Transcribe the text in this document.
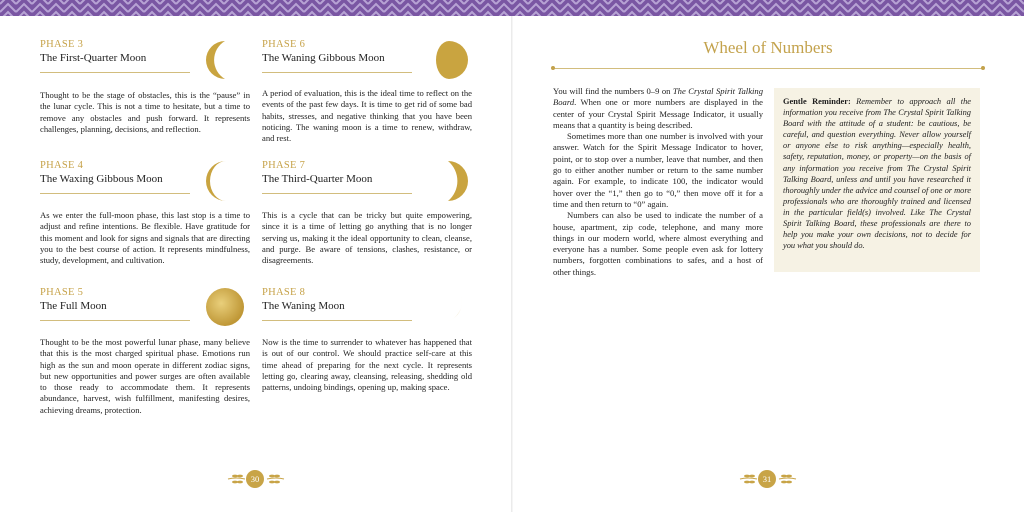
PHASE 3
The First-Quarter Moon
Thought to be the stage of obstacles, this is the “pause” in the lunar cycle. This is not a time to hesitate, but a time to remove any obstacles and push forward. It represents challenges, planning, decisions, and reflection.
PHASE 6
The Waning Gibbous Moon
A period of evaluation, this is the ideal time to reflect on the events of the past few days. It is time to get rid of some bad habits, stresses, and negative thinking that you have been noticing. The waning moon is a time to renew, withdraw, and rest.
PHASE 4
The Waxing Gibbous Moon
As we enter the full-moon phase, this last stop is a time to adjust and refine intentions. Be flexible. Have gratitude for this moment and look for signs and signals that are directing you to the best course of action. It represents mindfulness, study, development, and cultivation.
PHASE 7
The Third-Quarter Moon
This is a cycle that can be tricky but quite empowering, since it is a time of letting go anything that is no longer serving us, making it the ideal opportunity to clean, cleanse, and purge. Be aware of tensions, clashes, resistance, or disagreements.
PHASE 5
The Full Moon
Thought to be the most powerful lunar phase, many believe that this is the most charged spiritual phase. Emotions run high as the sun and moon operate in different zodiac signs, but new opportunities and power surges are often available to those ready to accommodate them. It represents abundance, harvest, wish fulfillment, manifesting desires, achieving dreams, protection.
PHASE 8
The Waning Moon
Now is the time to surrender to whatever has happened that is out of our control. We should practice self-care at this time ahead of preparing for the next cycle. It represents letting go, clearing away, cleansing, releasing, shedding old patterns, undoing bindings, opening up, making space.
30
Wheel of Numbers

You will find the numbers 0–9 on The Crystal Spirit Talking Board. When one or more numbers are displayed in the center of your Crystal Spirit Message Indicator, it usually means that a quantity is being described.

Sometimes more than one number is involved with your answer. Watch for the Spirit Message Indicator to hover, point, or to stop over a number, leave that number, and then go to either another number or return to the same number again. For example, to indicate 100, the indicator would hover over the “1,” then go to “0,” then move off it for a time and then return to “0” again.

Numbers can also be used to indicate the number of a house, apartment, zip code, telephone, and many more things in our modern world, where almost everything and everyone has a number. Some people even ask for lottery numbers, forgotten combinations to safes, and a host of other things.

Gentle Reminder: Remember to approach all the information you receive from The Crystal Spirit Talking Board with the attitude of a student: be cautious, be careful, and question everything. Never allow yourself or anyone else to risk anything—especially health, safety, reputation, money, or property—on the basis of any information you receive from The Crystal Spirit Talking Board, unless and until you have researched it thoroughly under the advice and counsel of one or more professionals who are thoroughly trained and licensed in the particular field(s) involved. Like The Crystal Spirit Talking Board, these professionals are there to help you make your own decisions, not to decide for you what you should do.
31
